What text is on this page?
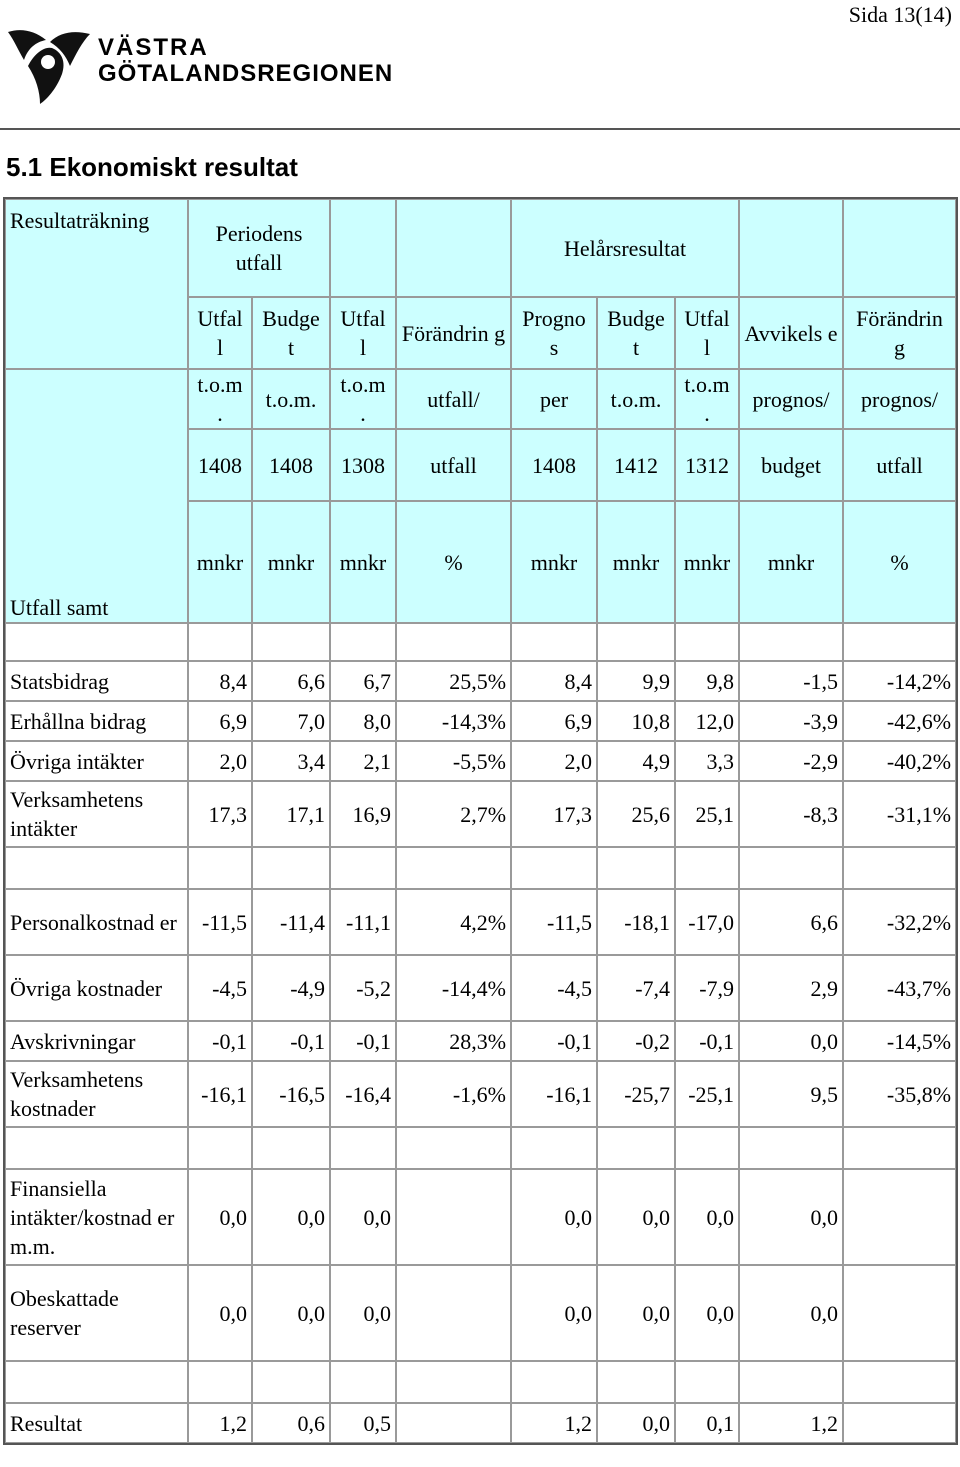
Sida 13(14)
VÄSTRA
GÖTALANDSREGIONEN
5.1 Ekonomiskt resultat
Resultaträkning	Periodens utfall				Helårsresultat					
	Utfal l	Budge t	Utfal l	Förändrin g	Progno s	Budge t	Utfal l	Avvikels e	Förändrin g	
Utfall samt	t.o.m .	t.o.m.	t.o.m .	utfall/	per	t.o.m.	t.o.m .	prognos/	prognos/	
	1408	1408	1308	utfall	1408	1412	1312	budget	utfall	
	mnkr	mnkr	mnkr	%	mnkr	mnkr	mnkr	mnkr	%	

Statsbidrag	8,4	6,6	6,7	25,5%	8,4	9,9	9,8	-1,5	-14,2%	
Erhållna bidrag	6,9	7,0	8,0	-14,3%	6,9	10,8	12,0	-3,9	-42,6%	
Övriga intäkter	2,0	3,4	2,1	-5,5%	2,0	4,9	3,3	-2,9	-40,2%	
Verksamhetens intäkter	17,3	17,1	16,9	2,7%	17,3	25,6	25,1	-8,3	-31,1%	

Personalkostnad er	-11,5	-11,4	-11,1	4,2%	-11,5	-18,1	-17,0	6,6	-32,2%	
Övriga kostnader	-4,5	-4,9	-5,2	-14,4%	-4,5	-7,4	-7,9	2,9	-43,7%	
Avskrivningar	-0,1	-0,1	-0,1	28,3%	-0,1	-0,2	-0,1	0,0	-14,5%	
Verksamhetens kostnader	-16,1	-16,5	-16,4	-1,6%	-16,1	-25,7	-25,1	9,5	-35,8%	

Finansiella intäkter/kostnad er m.m.	0,0	0,0	0,0		0,0	0,0	0,0	0,0		
Obeskattade reserver	0,0	0,0	0,0		0,0	0,0	0,0	0,0		

Resultat	1,2	0,6	0,5		1,2	0,0	0,1	1,2		
